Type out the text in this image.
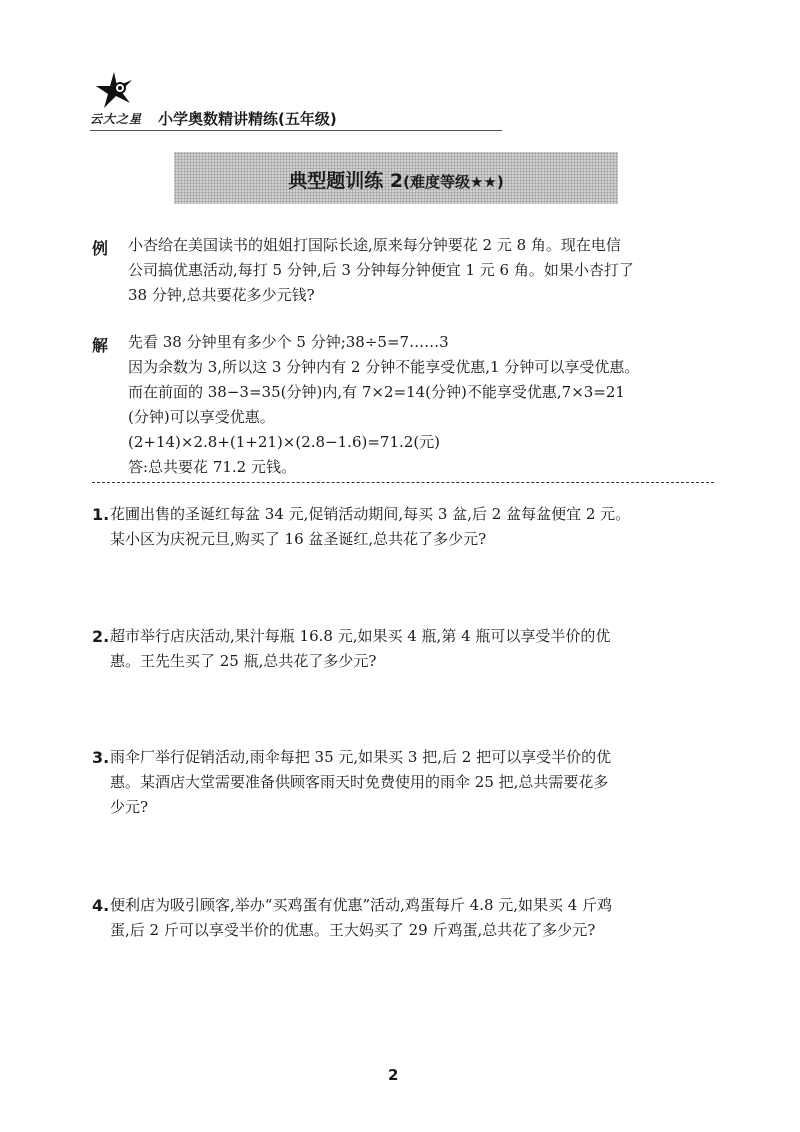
云大之星 小学奥数精讲精练(五年级)
典型题训练 2(难度等级★★)
例 小杏给在美国读书的姐姐打国际长途,原来每分钟要花 2 元 8 角。现在电信
公司搞优惠活动,每打 5 分钟,后 3 分钟每分钟便宜 1 元 6 角。如果小杏打了
38 分钟,总共要花多少元钱?
解 先看 38 分钟里有多少个 5 分钟;38÷5=7……3
因为余数为 3,所以这 3 分钟内有 2 分钟不能享受优惠,1 分钟可以享受优惠。
而在前面的 38−3=35(分钟)内,有 7×2=14(分钟)不能享受优惠,7×3=21
(分钟)可以享受优惠。
(2+14)×2.8+(1+21)×(2.8−1.6)=71.2(元)
答:总共要花 71.2 元钱。
1. 花圃出售的圣诞红每盆 34 元,促销活动期间,每买 3 盆,后 2 盆每盆便宜 2 元。
某小区为庆祝元旦,购买了 16 盆圣诞红,总共花了多少元?
2. 超市举行店庆活动,果汁每瓶 16.8 元,如果买 4 瓶,第 4 瓶可以享受半价的优
惠。王先生买了 25 瓶,总共花了多少元?
3. 雨伞厂举行促销活动,雨伞每把 35 元,如果买 3 把,后 2 把可以享受半价的优
惠。某酒店大堂需要准备供顾客雨天时免费使用的雨伞 25 把,总共需要花多
少元?
4. 便利店为吸引顾客,举办“买鸡蛋有优惠”活动,鸡蛋每斤 4.8 元,如果买 4 斤鸡
蛋,后 2 斤可以享受半价的优惠。王大妈买了 29 斤鸡蛋,总共花了多少元?
2
